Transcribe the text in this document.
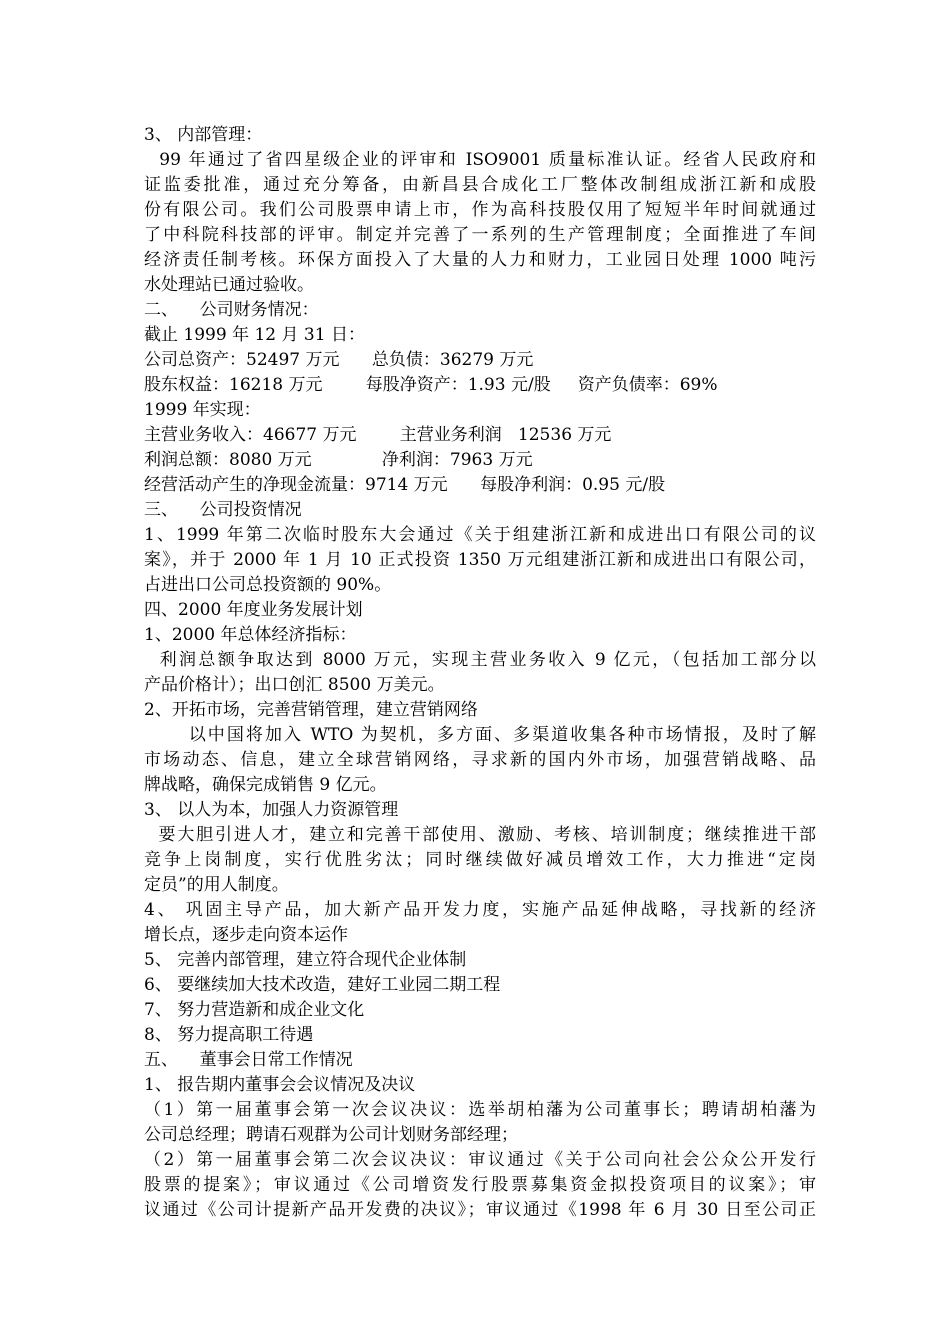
3、 内部管理：
99 年通过了省四星级企业的评审和 ISO9001 质量标准认证。经省人民政府和
证监委批准，通过充分筹备，由新昌县合成化工厂整体改制组成浙江新和成股
份有限公司。我们公司股票申请上市，作为高科技股仅用了短短半年时间就通过
了中科院科技部的评审。制定并完善了一系列的生产管理制度；全面推进了车间
经济责任制考核。环保方面投入了大量的人力和财力，工业园日处理 1000 吨污
水处理站已通过验收。
二、    公司财务情况：
截止 1999 年 12 月 31 日：
公司总资产：52497 万元      总负债：36279 万元
股东权益：16218 万元        每股净资产：1.93 元/股     资产负债率：69%
1999 年实现：
主营业务收入：46677 万元        主营业务利润   12536 万元
利润总额：8080 万元             净利润：7963 万元
经营活动产生的净现金流量：9714 万元      每股净利润：0.95 元/股
三、    公司投资情况
1、1999 年第二次临时股东大会通过《关于组建浙江新和成进出口有限公司的议
案》，并于 2000 年 1 月 10 正式投资 1350 万元组建浙江新和成进出口有限公司，
占进出口公司总投资额的 90%。
四、2000 年度业务发展计划
1、2000 年总体经济指标：
利润总额争取达到 8000 万元，实现主营业务收入 9 亿元，（包括加工部分以
产品价格计）；出口创汇 8500 万美元。
2、开拓市场，完善营销管理，建立营销网络
以中国将加入 WTO 为契机，多方面、多渠道收集各种市场情报，及时了解
市场动态、信息，建立全球营销网络，寻求新的国内外市场，加强营销战略、品
牌战略，确保完成销售 9 亿元。
3、 以人为本，加强人力资源管理
要大胆引进人才，建立和完善干部使用、激励、考核、培训制度；继续推进干部
竞争上岗制度，实行优胜劣汰；同时继续做好减员增效工作，大力推进“定岗
定员”的用人制度。
4、 巩固主导产品，加大新产品开发力度，实施产品延伸战略，寻找新的经济
增长点，逐步走向资本运作
5、 完善内部管理，建立符合现代企业体制
6、 要继续加大技术改造，建好工业园二期工程
7、 努力营造新和成企业文化
8、 努力提高职工待遇
五、    董事会日常工作情况
1、 报告期内董事会会议情况及决议
（1）第一届董事会第一次会议决议：选举胡柏藩为公司董事长；聘请胡柏藩为
公司总经理；聘请石观群为公司计划财务部经理；
（2）第一届董事会第二次会议决议：审议通过《关于公司向社会公众公开发行
股票的提案》；审议通过《公司增资发行股票募集资金拟投资项目的议案》；审
议通过《公司计提新产品开发费的决议》；审议通过《1998 年 6 月 30 日至公司正
